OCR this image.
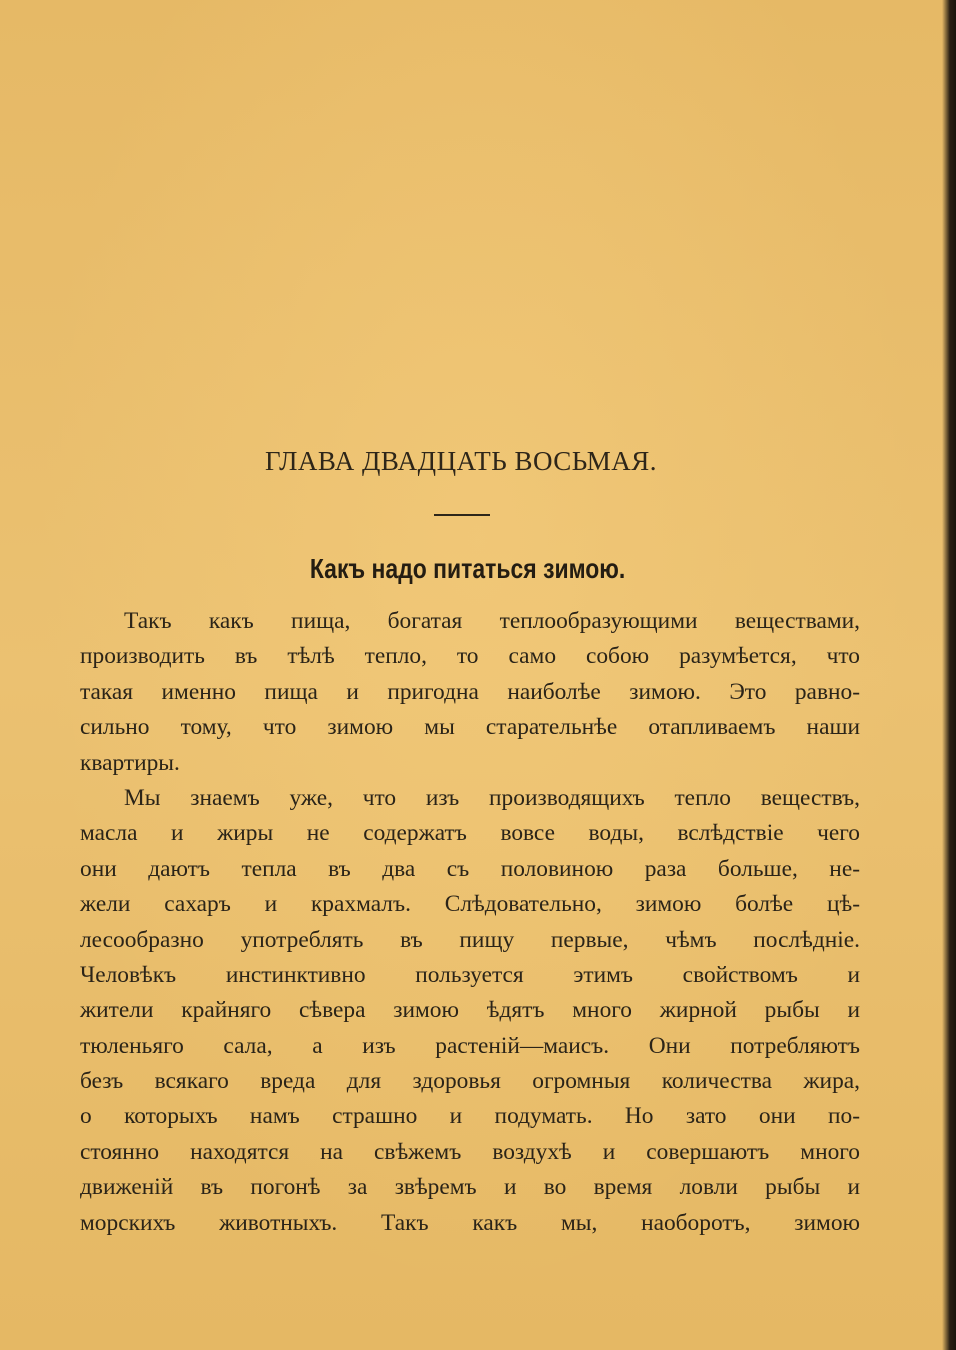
ГЛАВА ДВАДЦАТЬ ВОСЬМАЯ.
Какъ надо питаться зимою.

Такъ какъ пища, богатая теплообразующими веществами,
производить въ тѣлѣ тепло, то само собою разумѣется, что
такая именно пища и пригодна наиболѣе зимою. Это равно-
сильно тому, что зимою мы старательнѣе отапливаемъ наши
квартиры.

Мы знаемъ уже, что изъ производящихъ тепло веществъ,
масла и жиры не содержатъ вовсе воды, вслѣдствіе чего
они даютъ тепла въ два съ половиною раза больше, не-
жели сахаръ и крахмалъ. Слѣдовательно, зимою болѣе цѣ-
лесообразно употреблять въ пищу первые, чѣмъ послѣдніе.
Человѣкъ инстинктивно пользуется этимъ свойствомъ и
жители крайняго сѣвера зимою ѣдятъ много жирной рыбы и
тюленьяго сала, а изъ растеній—маисъ. Они потребляютъ
безъ всякаго вреда для здоровья огромныя количества жира,
о которыхъ намъ страшно и подумать. Но зато они по-
стоянно находятся на свѣжемъ воздухѣ и совершаютъ много
движеній въ погонѣ за звѣремъ и во время ловли рыбы и
морскихъ животныхъ. Такъ какъ мы, наоборотъ, зимою
